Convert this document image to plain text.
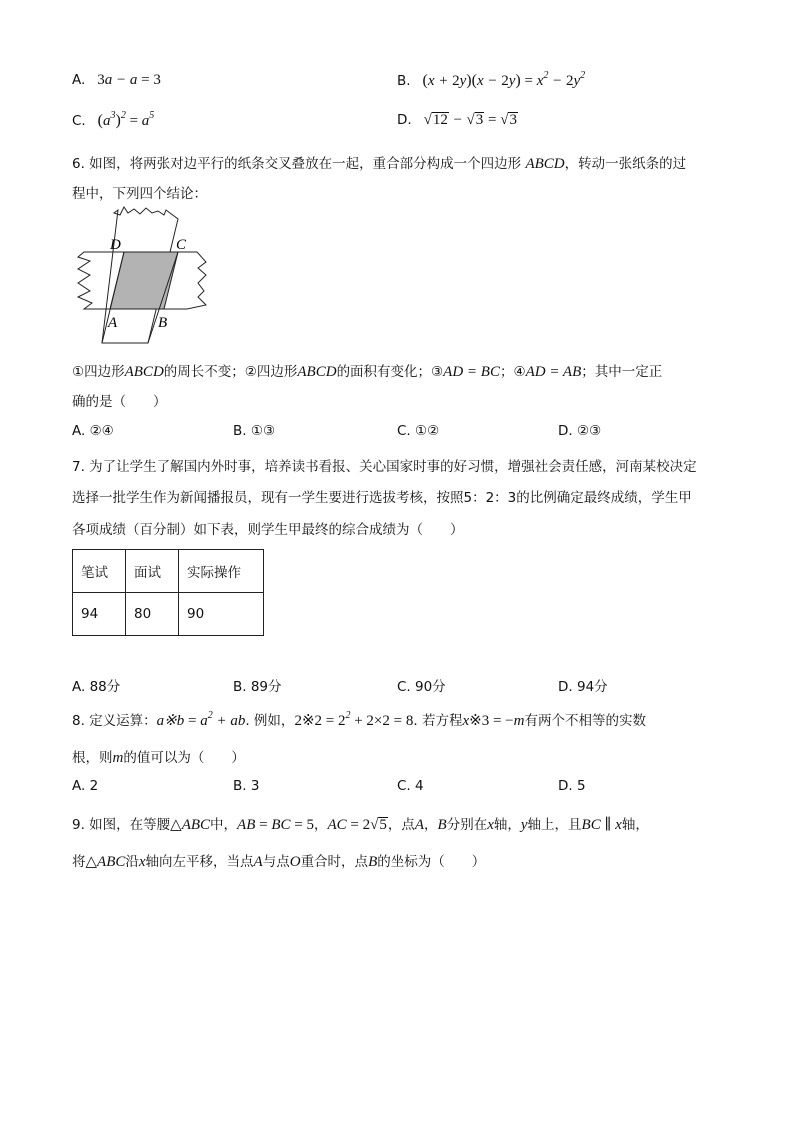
A. 3a − a = 3	B. $(x + 2y)(x - 2y) = x^2 - 2y^2$
C. $(a^3)^2 = a^5$	D. √12 − √3 = √3
6. 如图，将两张对边平行的纸条交叉叠放在一起，重合部分构成一个四边形 ABCD，转动一张纸条的过
程中，下列四个结论：
D	C
A	B
①四边形ABCD的周长不变；②四边形ABCD的面积有变化；③AD = BC；④AD = AB；其中一定正
确的是（　　）
A. ②④	B. ①③	C. ①②	D. ②③
7. 为了让学生了解国内外时事，培养读书看报、关心国家时事的好习惯，增强社会责任感，河南某校决定
选择一批学生作为新闻播报员，现有一学生要进行选拔考核，按照5：2：3的比例确定最终成绩，学生甲
各项成绩（百分制）如下表，则学生甲最终的综合成绩为（　　）
笔试	面试	实际操作
94	80	90
A. 88分	B. 89分	C. 90分	D. 94分
8. 定义运算：a※b = $a^2$ + ab. 例如，2※2 = $2^2 + 2\times 2 = 8$. 若方程x※3 = −m有两个不相等的实数
根，则m的值可以为（　　）
A. 2	B. 3	C. 4	D. 5
9. 如图，在等腰△ABC中，AB = BC = 5，AC = 2√5，点A，B分别在x轴，y轴上，且BC ∥ x轴，
将△ABC沿x轴向左平移，当点A与点O重合时，点B的坐标为（　　）
